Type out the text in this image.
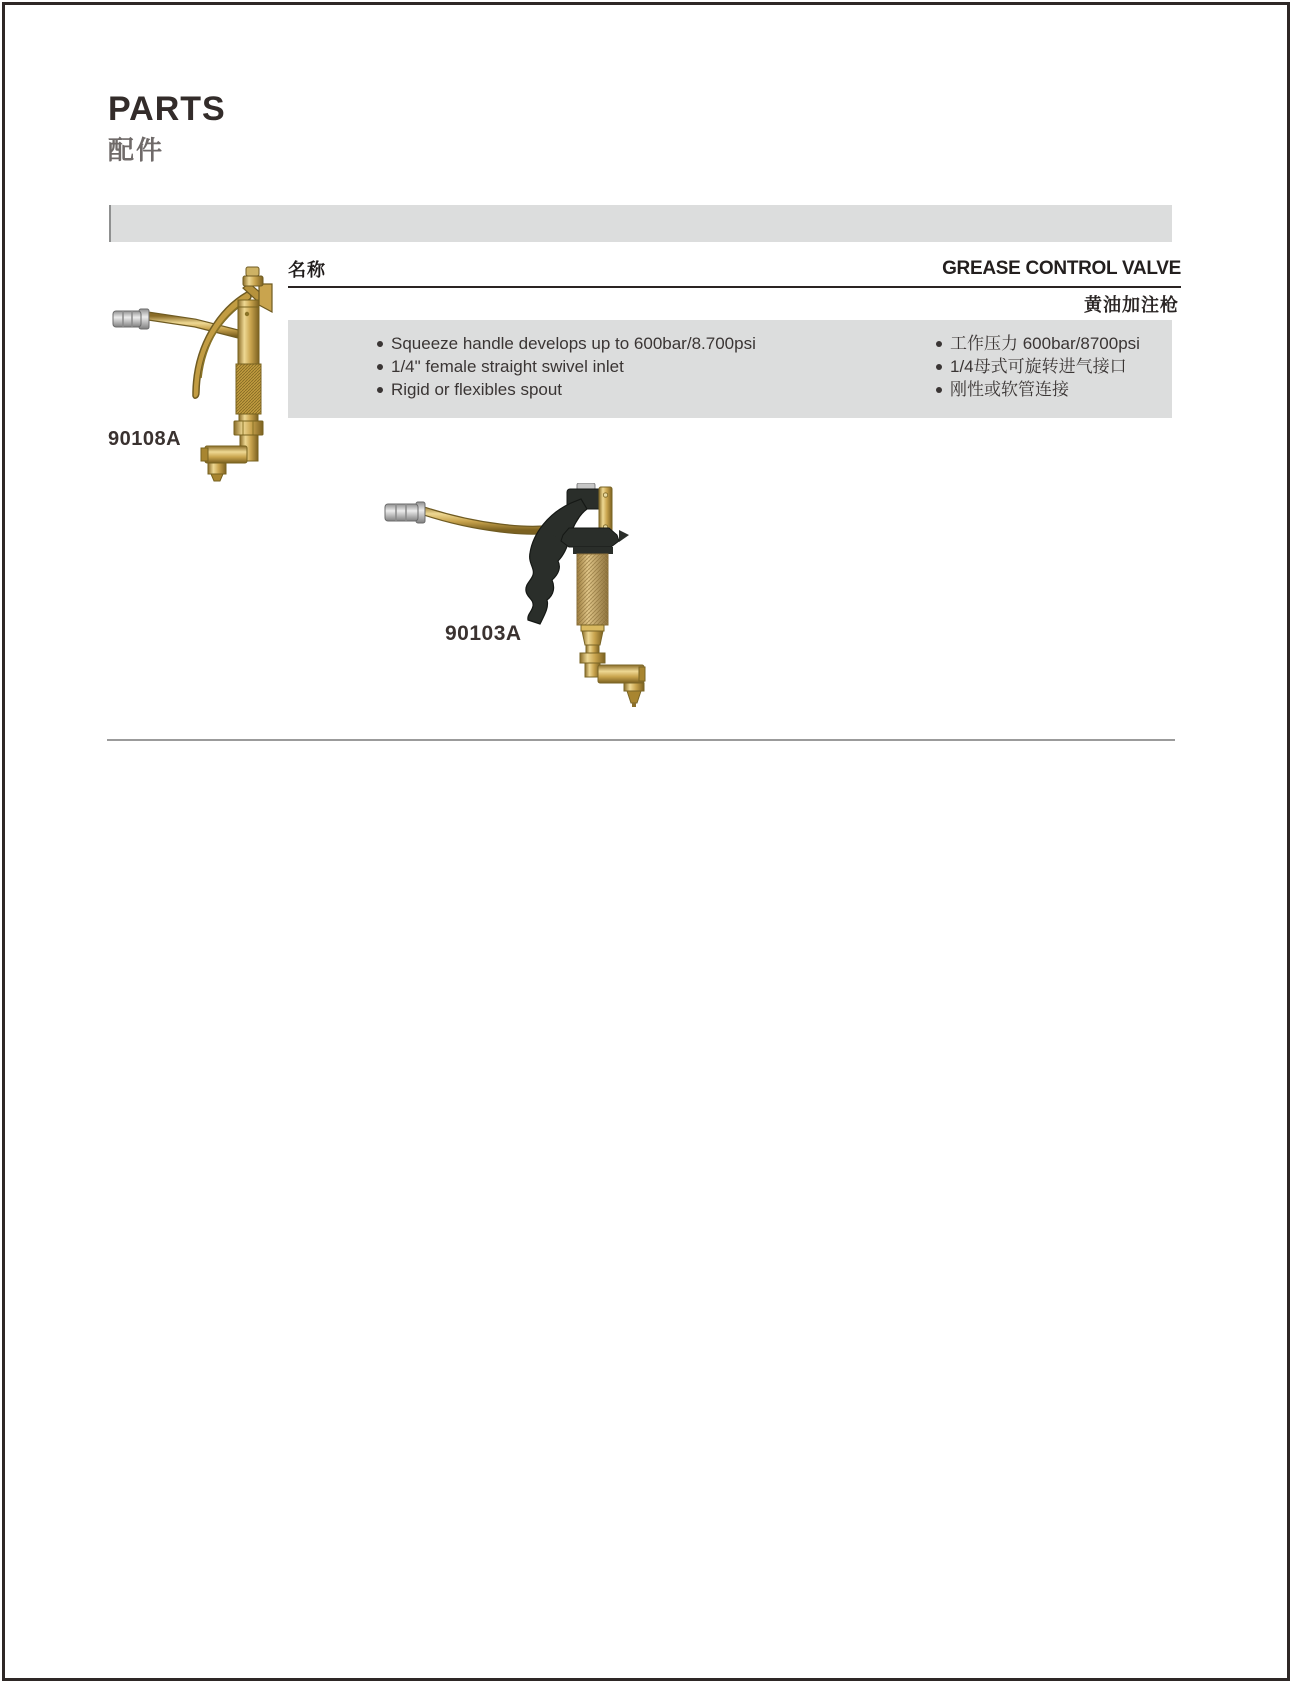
PARTS
配件
名称	GREASE CONTROL VALVE
黄油加注枪
Squeeze handle develops up to 600bar/8.700psi
1/4" female straight swivel inlet
Rigid or flexibles spout
工作压力 600bar/8700psi
1/4母式可旋转进气接口
刚性或软管连接
90108A
90103A
